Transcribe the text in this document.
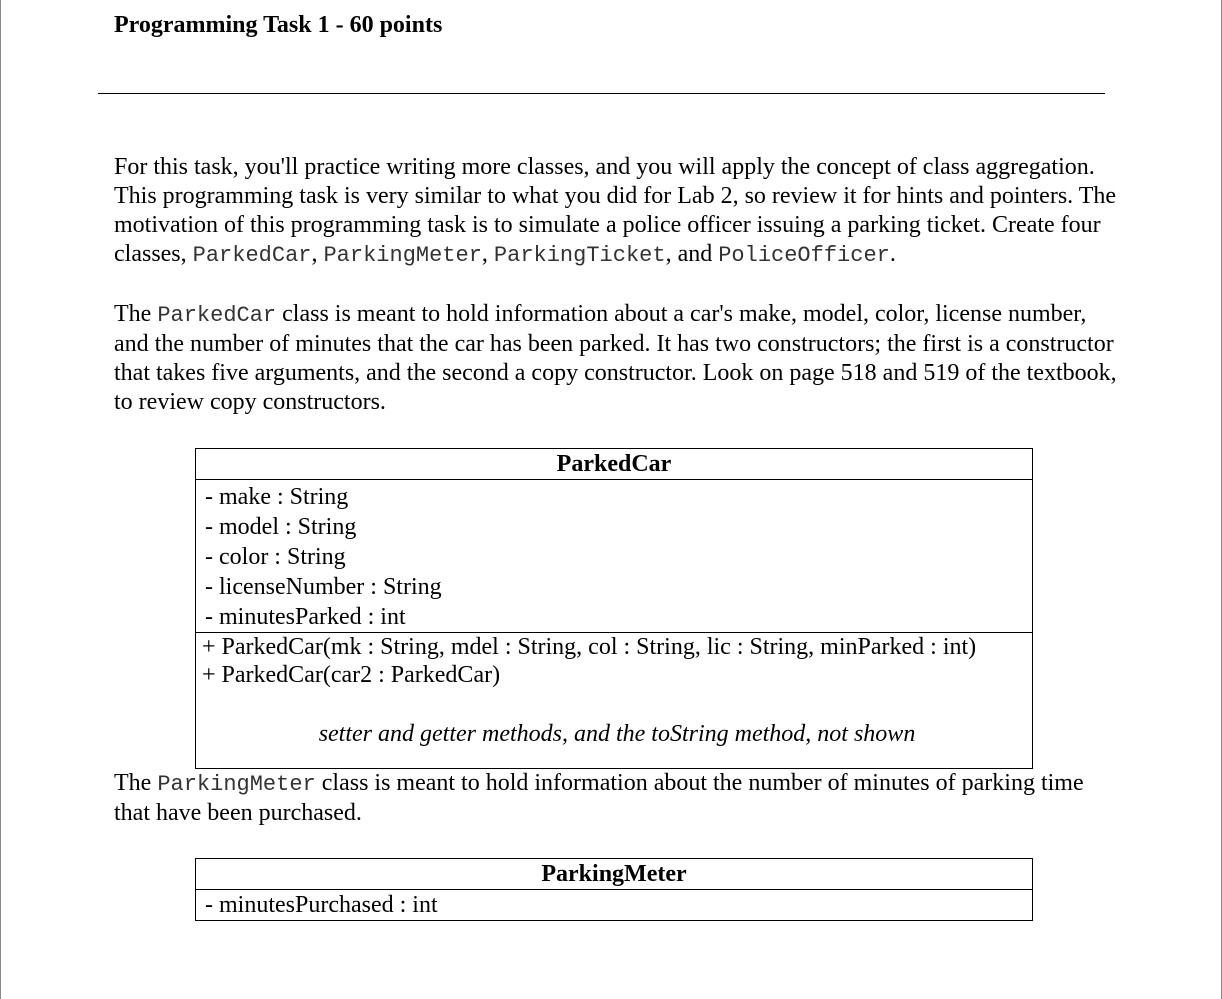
Programming Task 1 - 60 points

For this task, you'll practice writing more classes, and you will apply the concept of class aggregation. This programming task is very similar to what you did for Lab 2, so review it for hints and pointers. The motivation of this programming task is to simulate a police officer issuing a parking ticket. Create four classes, ParkedCar, ParkingMeter, ParkingTicket, and PoliceOfficer.

The ParkedCar class is meant to hold information about a car's make, model, color, license number, and the number of minutes that the car has been parked. It has two constructors; the first is a constructor that takes five arguments, and the second a copy constructor. Look on page 518 and 519 of the textbook, to review copy constructors.

ParkedCar
- make : String
- model : String
- color : String
- licenseNumber : String
- minutesParked : int
+ ParkedCar(mk : String, mdel : String, col : String, lic : String, minParked : int)
+ ParkedCar(car2 : ParkedCar)
setter and getter methods, and the toString method, not shown

The ParkingMeter class is meant to hold information about the number of minutes of parking time that have been purchased.

ParkingMeter
- minutesPurchased : int
